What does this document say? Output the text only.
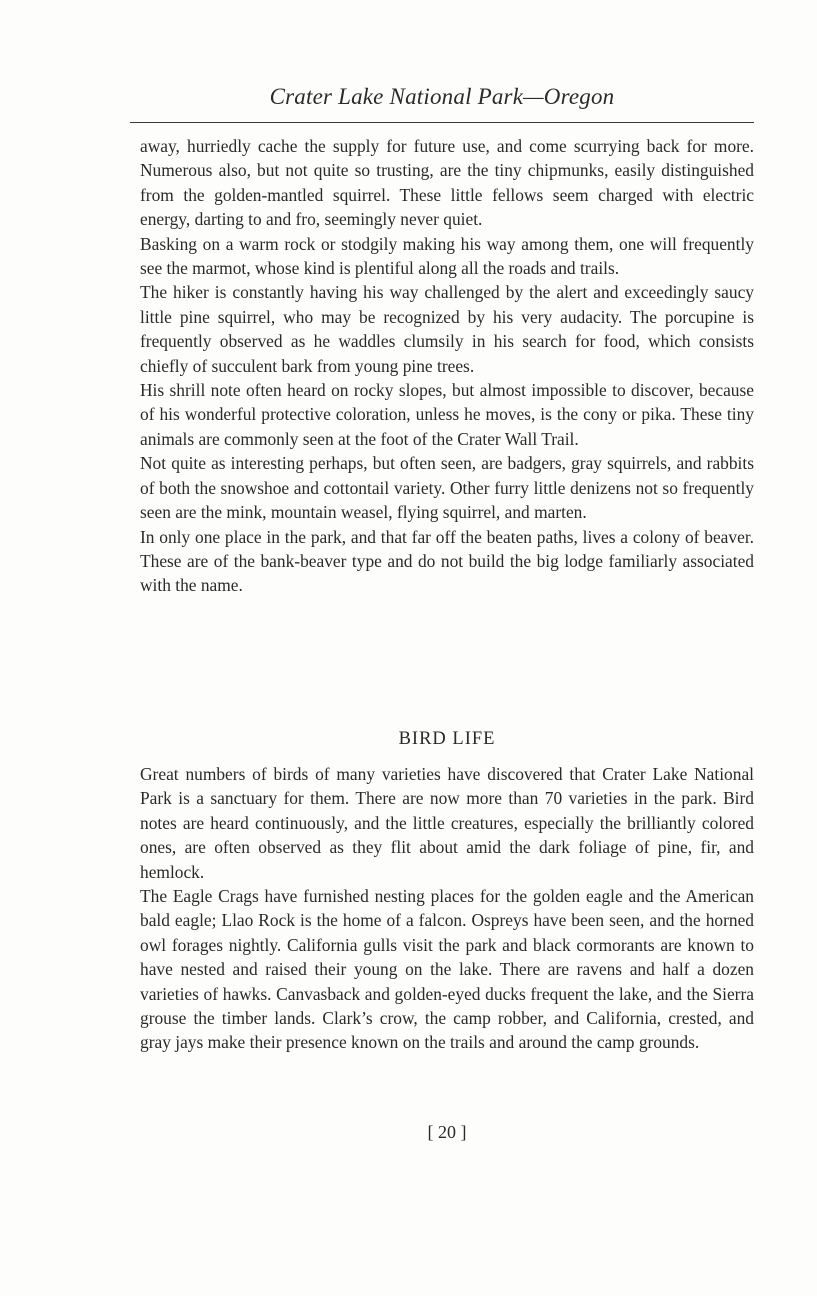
Crater Lake National Park—Oregon

away, hurriedly cache the supply for future use, and come scurrying back for more. Numerous also, but not quite so trusting, are the tiny chipmunks, easily distinguished from the golden-mantled squirrel. These little fellows seem charged with electric energy, darting to and fro, seemingly never quiet.

Basking on a warm rock or stodgily making his way among them, one will frequently see the marmot, whose kind is plentiful along all the roads and trails.

The hiker is constantly having his way challenged by the alert and exceedingly saucy little pine squirrel, who may be recognized by his very audacity. The porcupine is frequently observed as he waddles clumsily in his search for food, which consists chiefly of succulent bark from young pine trees.

His shrill note often heard on rocky slopes, but almost impossible to discover, because of his wonderful protective coloration, unless he moves, is the cony or pika. These tiny animals are commonly seen at the foot of the Crater Wall Trail.

Not quite as interesting perhaps, but often seen, are badgers, gray squirrels, and rabbits of both the snowshoe and cottontail variety. Other furry little denizens not so frequently seen are the mink, mountain weasel, flying squirrel, and marten.

In only one place in the park, and that far off the beaten paths, lives a colony of beaver. These are of the bank-beaver type and do not build the big lodge familiarly associated with the name.

BIRD LIFE

Great numbers of birds of many varieties have discovered that Crater Lake National Park is a sanctuary for them. There are now more than 70 varieties in the park. Bird notes are heard continuously, and the little creatures, especially the brilliantly colored ones, are often observed as they flit about amid the dark foliage of pine, fir, and hemlock.

The Eagle Crags have furnished nesting places for the golden eagle and the American bald eagle; Llao Rock is the home of a falcon. Ospreys have been seen, and the horned owl forages nightly. California gulls visit the park and black cormorants are known to have nested and raised their young on the lake. There are ravens and half a dozen varieties of hawks. Canvasback and golden-eyed ducks frequent the lake, and the Sierra grouse the timber lands. Clark’s crow, the camp robber, and California, crested, and gray jays make their presence known on the trails and around the camp grounds.

[ 20 ]
